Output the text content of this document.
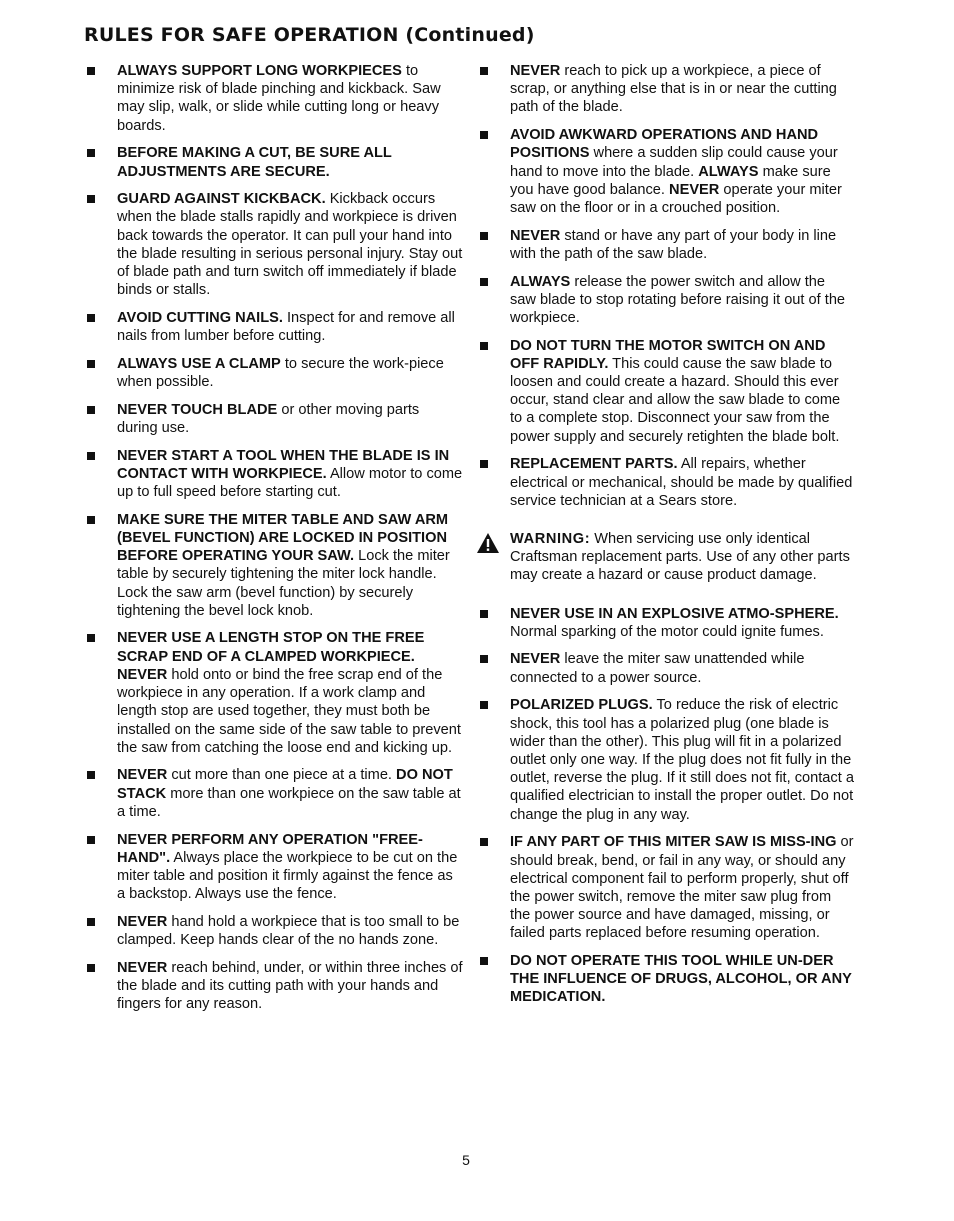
RULES FOR SAFE OPERATION (Continued)
ALWAYS SUPPORT LONG WORKPIECES to minimize risk of blade pinching and kickback. Saw may slip, walk, or slide while cutting long or heavy boards.
BEFORE MAKING A CUT, BE SURE ALL ADJUSTMENTS ARE SECURE.
GUARD AGAINST KICKBACK. Kickback occurs when the blade stalls rapidly and workpiece is driven back towards the operator. It can pull your hand into the blade resulting in serious personal injury. Stay out of blade path and turn switch off immediately if blade binds or stalls.
AVOID CUTTING NAILS. Inspect for and remove all nails from lumber before cutting.
ALWAYS USE A CLAMP to secure the work-piece when possible.
NEVER TOUCH BLADE or other moving parts during use.
NEVER START A TOOL WHEN THE BLADE IS IN CONTACT WITH WORKPIECE. Allow motor to come up to full speed before starting cut.
MAKE SURE THE MITER TABLE AND SAW ARM (BEVEL FUNCTION) ARE LOCKED IN POSITION BEFORE OPERATING YOUR SAW. Lock the miter table by securely tightening the miter lock handle. Lock the saw arm (bevel function) by securely tightening the bevel lock knob.
NEVER USE A LENGTH STOP ON THE FREE SCRAP END OF A CLAMPED WORKPIECE. NEVER hold onto or bind the free scrap end of the workpiece in any operation. If a work clamp and length stop are used together, they must both be installed on the same side of the saw table to prevent the saw from catching the loose end and kicking up.
NEVER cut more than one piece at a time. DO NOT STACK more than one workpiece on the saw table at a time.
NEVER PERFORM ANY OPERATION "FREE-HAND". Always place the workpiece to be cut on the miter table and position it firmly against the fence as a backstop. Always use the fence.
NEVER hand hold a workpiece that is too small to be clamped. Keep hands clear of the no hands zone.
NEVER reach behind, under, or within three inches of the blade and its cutting path with your hands and fingers for any reason.
NEVER reach to pick up a workpiece, a piece of scrap, or anything else that is in or near the cutting path of the blade.
AVOID AWKWARD OPERATIONS AND HAND POSITIONS where a sudden slip could cause your hand to move into the blade. ALWAYS make sure you have good balance. NEVER operate your miter saw on the floor or in a crouched position.
NEVER stand or have any part of your body in line with the path of the saw blade.
ALWAYS release the power switch and allow the saw blade to stop rotating before raising it out of the workpiece.
DO NOT TURN THE MOTOR SWITCH ON AND OFF RAPIDLY. This could cause the saw blade to loosen and could create a hazard. Should this ever occur, stand clear and allow the saw blade to come to a complete stop. Disconnect your saw from the power supply and securely retighten the blade bolt.
REPLACEMENT PARTS. All repairs, whether electrical or mechanical, should be made by qualified service technician at a Sears store.
WARNING: When servicing use only identical Craftsman replacement parts. Use of any other parts may create a hazard or cause product damage.
NEVER USE IN AN EXPLOSIVE ATMO-SPHERE. Normal sparking of the motor could ignite fumes.
NEVER leave the miter saw unattended while connected to a power source.
POLARIZED PLUGS. To reduce the risk of electric shock, this tool has a polarized plug (one blade is wider than the other). This plug will fit in a polarized outlet only one way. If the plug does not fit fully in the outlet, reverse the plug. If it still does not fit, contact a qualified electrician to install the proper outlet. Do not change the plug in any way.
IF ANY PART OF THIS MITER SAW IS MISS-ING or should break, bend, or fail in any way, or should any electrical component fail to perform properly, shut off the power switch, remove the miter saw plug from the power source and have damaged, missing, or failed parts replaced before resuming operation.
DO NOT OPERATE THIS TOOL WHILE UN-DER THE INFLUENCE OF DRUGS, ALCOHOL, OR ANY MEDICATION.
5
